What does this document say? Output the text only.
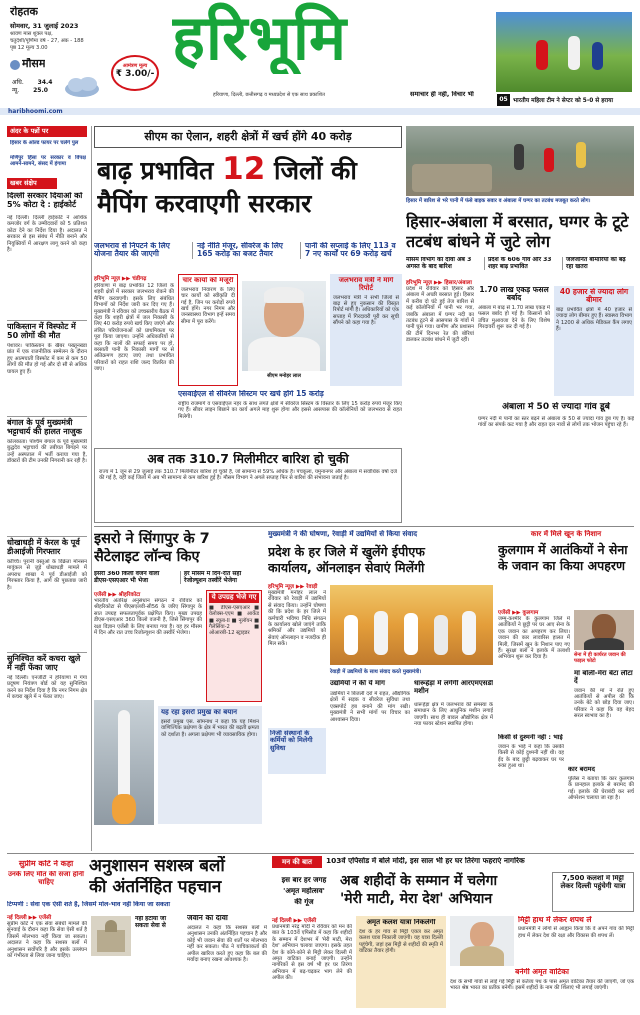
रोहतक
सोमवार, 31 जुलाई 2023
श्रावण मास शुक्ल पक्ष,
चतुर्दशी/पूर्णिमा वर्ष - 27, अंक - 188
पृष्ठ 12 मूल्य 3.00
मौसम
अधि. 34.4
न्यू. 25.0
आमंत्रण मूल्य
₹ 3.00/- हरिभूमि
हरियाणा, दिल्ली, छत्तीसगढ़ व मध्यप्रदेश से एक साथ प्रकाशित	समाचार ही नहीं, विचार भी
05 भारतीय महिला टीम ने सेप्टर को 5-0 से हराया
haribhoomi.com
अंदर के पन्नों पर
हिसार के ओल्ड फायर पर चलेंगे पुल
मणिपुर हिंसा पर सरकार व विपक्ष आमने-सामने, संसद में हंगामा
खबर संक्षेप
दिल्ली सरकार दियाओं को 5% कोटा दे : हाईकोर्ट
नई दिल्ली। दिल्ली हाईकोर्ट ने आर्थिक कमजोर वर्ग के उम्मीदवारों को 5 प्रतिशत कोटा देने का निर्देश दिया है। अदालत ने सरकार से इस संबंध में नीति बनाने और नियुक्तियों में आरक्षण लागू करने को कहा है।
पाकिस्तान में विस्फोट में 50 लोगों की मौत
पेशावर। पाकिस्तान के खैबर पख्तूनख्वा प्रांत में एक राजनीतिक सम्मेलन के दौरान हुए आत्मघाती विस्फोट में कम से कम 50 लोगों की मौत हो गई और दो सौ से अधिक घायल हुए हैं।
बंगाल के पूर्व मुख्यमंत्री भट्टाचार्य की हालत नाजुक
कोलकाता। पश्चिम बंगाल के पूर्व मुख्यमंत्री बुद्धदेव भट्टाचार्य की तबीयत बिगड़ने पर उन्हें अस्पताल में भर्ती कराया गया है, डॉक्टरों की टीम उनकी निगरानी कर रही है।
धोखाधड़ी में केरल के पूर्व डीआईजी गिरफ्तार
कोच्चि। पुरानी वस्तुओं के विक्रेता मोनसन मावुंकल से जुड़े धोखाधड़ी मामले में अपराध शाखा ने पूर्व डीआईजी को गिरफ्तार किया है, आगे की पूछताछ जारी है।
सुनिश्चित करें कचरा खुले में नहीं फेंका जाए
नई दिल्ली। एनजीटी ने हरियाणा में गंगा प्रदूषण नियंत्रण बोर्ड को यह सुनिश्चित करने का निर्देश दिया है कि नगर निगम क्षेत्र में कचरा खुले में न फेंका जाए।
सीएम का ऐलान, शहरी क्षेत्रों में खर्च होंगे 40 करोड़
बाढ़ प्रभावित 12 जिलों की
मैपिंग करवाएगी सरकार
जलभराव से निपटने के लिए योजना तैयार की जाएगी
नई नीति मंजूर, सीवरेज के लिए 165 करोड़ का बजट तैयार
पानी की सप्लाई के लिए 113 व 7 नए कार्यों पर 69 करोड़ खर्च
हरिभूमि न्यूज़ ▶▶ चंडीगढ़
हरियाणा में बाढ़ प्रभावित 12 जिलों के शहरी क्षेत्रों में सरकार जलभराव रोकने की मैपिंग करवाएगी। इसके लिए संबंधित विभागों को निर्देश जारी कर दिए गए हैं। मुख्यमंत्री ने रविवार को उच्चस्तरीय बैठक में कहा कि शहरी क्षेत्रों में जल निकासी के लिए 40 करोड़ रुपये खर्च किए जाएंगे और लंबित परियोजनाओं को प्राथमिकता पर पूरा किया जाएगा। उन्होंने अधिकारियों से कहा कि नालों की सफाई समय पर हो, बरसाती पानी के निकासी मार्गों पर से अतिक्रमण हटाए जाएं तथा प्रभावित परिवारों को राहत राशि जल्द वितरित की जाए।
चार कार्यो को मंजूरी
जलभराव निवारण के लिए चार कार्यों को स्वीकृति दी गई है, जिन पर करोड़ों रुपये खर्च होंगे। नगर निगम और जनस्वास्थ्य विभाग इन्हें समय सीमा में पूरा करेंगे।
जलभराव मंत्री ने मांगे रिपोर्ट
जलभराव मंत्री ने सभी जिलों से बाढ़ से हुए नुकसान की विस्तृत रिपोर्ट मांगी है। अधिकारियों को एक सप्ताह में गिरदावरी पूरी कर सूची सौंपने को कहा गया है।
सीएम मनोहर लाल
एसवाईएल से सीवरेज सिस्टम पर खर्च होंगे 15 करोड़
राष्ट्रीय राजमार्ग व एसवाईएल नहर के साथ लगते क्षेत्रों में सीवरेज सिस्टम के विस्तार के लिए 15 करोड़ रुपये मंजूर किए गए हैं। सीवर लाइन बिछाने का कार्य अगले माह शुरू होगा और इससे आसपास की कॉलोनियों को जलभराव से राहत मिलेगी।
अब तक 310.7 मिलीमीटर बारिश हो चुकी
राज्य में 1 जून से 29 जुलाई तक 310.7 मिलीमीटर बारिश हो चुकी है, जो सामान्य से 59% अधिक है। पंचकूला, यमुनानगर और अंबाला में सर्वाधिक वर्षा दर्ज की गई है, वहीं कई जिलों में अब भी सामान्य से कम बारिश हुई है। मौसम विभाग ने अगले सप्ताह फिर से बारिश की संभावना जताई है।
हिसार में बारिश से भरे पानी में फंसे बाइक सवार व अंबाला में घग्गर का तटबंध मजबूत करते लोग।
हिसार-अंबाला में बरसात, घग्गर के टूटे तटबंध बांधने में जुटे लोग
मौसम विभाग का दावा अब 3 अगस्त के बाद बारिश
प्रदेश के 606 गांव और 33 शहर बाढ़ प्रभावित
जलजनित बीमारियों का बढ़ रहा खतरा
हरिभूमि न्यूज़ ▶▶ हिसार/अंबाला
प्रदेश में रविवार को हिसार और अंबाला में अच्छी बरसात हुई। हिसार में करीब दो घंटे हुई तेज बारिश से कई कॉलोनियों में पानी भर गया, जबकि अंबाला में घग्गर नदी का तटबंध टूटने से आसपास के गांवों में पानी घुस गया। ग्रामीण और प्रशासन की टीमें दिनभर रेत की बोरियां डालकर तटबंध बांधने में जुटी रहीं।
1.70 लाख एकड़ फसल बर्बाद
अंबाला में बाढ़ से 1.70 लाख एकड़ में फसल बर्बाद हो गई है। किसानों को उचित मुआवजा देने के लिए विशेष गिरदावरी शुरू कर दी गई है।
40 हजार से ज्यादा लोग बीमार
बाढ़ प्रभावित क्षेत्रों में 40 हजार से ज्यादा लोग बीमार हुए हैं। स्वास्थ्य विभाग ने 1200 से अधिक मेडिकल कैंप लगाए हैं।
अंबाला में 50 से ज्यादा गांव डूबे
घग्गर नदी में पानी का स्तर बढ़ने से अंबाला के 50 से ज्यादा गांव डूब गए हैं। कई गांवों का संपर्क कट गया है और राहत दल नावों से लोगों तक भोजन पहुंचा रहे हैं।
इसरो ने सिंगापुर के 7
सैटेलाइट लॉन्च किए
इसरो 360 किलो वजन वाला डीएस-एसएआर भी भेजा
हर मौसम में दिन-रात सही रेजोल्यूशन तस्वीरें भेजेगा
एजेंसी ▶▶ श्रीहरिकोटा
भारतीय अंतरिक्ष अनुसंधान संगठन ने रविवार को श्रीहरिकोटा से पीएसएलवी-सी56 के जरिए सिंगापुर के सात उपग्रह सफलतापूर्वक प्रक्षेपित किए। मुख्य उपग्रह डीएस-एसएआर 360 किलो वजनी है, जिसे सिंगापुर की रक्षा विज्ञान एजेंसी के लिए बनाया गया है। यह हर मौसम में दिन और रात उच्च रिजोल्यूशन की तस्वीरें भेजेगा।
ये उपग्रह भेजे गए
■ डीएस-एसएआर ■ वेलोक्स-एएम ■ आर्केड ■ स्कूब-II ■ नूलॉयन ■ गैलेसिया-2 ■ ओआरबी-12 स्ट्राइडर
यह रहा इसरो प्रमुख का बयान
इसरो प्रमुख एस. सोमनाथ ने कहा कि यह मिशन वाणिज्यिक प्रक्षेपण के क्षेत्र में भारत की बढ़ती क्षमता को दर्शाता है। अगला प्रक्षेपण भी व्यावसायिक होगा।
मुख्यमंत्री ने की घोषणा, रेवाड़ी में उद्यमियों से किया संवाद
प्रदेश के हर जिले में खुलेंगे ईपीएफ
कार्यालय, ऑनलाइन सेवाएं मिलेंगी
हरिभूमि न्यूज़ ▶▶ रेवाड़ी
मुख्यमंत्री मनोहर लाल ने रविवार को रेवाड़ी में उद्यमियों से संवाद किया। उन्होंने घोषणा की कि प्रदेश के हर जिले में कर्मचारी भविष्य निधि संगठन के कार्यालय खोले जाएंगे ताकि श्रमिकों और उद्यमियों को सेवाएं ऑनलाइन व नजदीक ही मिल सकें।
निजी संस्थानों के कर्मियों को मिलेगी सुविधा
रेवाड़ी में उद्यमियों के साथ संवाद करते मुख्यमंत्री।
उद्यमियों ने की ये मांग
उद्यमियों ने बिजली दरों में राहत, औद्योगिक क्षेत्रों में सड़क व सीवरेज सुविधा तथा एक्सपोर्ट हब बनाने की मांग रखी। मुख्यमंत्री ने सभी मांगों पर विचार का आश्वासन दिया।
धारूहेड़ा में लगेगी आरएमएसडी मशीन
धारूहेड़ा क्षेत्र में जलभराव की समस्या के समाधान के लिए आधुनिक मशीन लगाई जाएगी। साथ ही बावल औद्योगिक क्षेत्र में नया फायर स्टेशन स्थापित होगा।
कार में मिले खून के निशान
कुलगाम में आतंकियों ने सेना के जवान का किया अपहरण
एजेंसी ▶▶ कुलगाम
जम्मू-कश्मीर के कुलगाम जिले में आतंकियों ने छुट्टी पर घर आए सेना के एक जवान का अपहरण कर लिया। जवान की कार लावारिस हालत में मिली, जिसमें खून के निशान पाए गए हैं। सुरक्षा बलों ने इलाके में तलाशी अभियान शुरू कर दिया है।	सेना में ही कार्यरत जवान की फाइल फोटो
मां बोली-मेरा बेटा लौटा दें
जवान की मां ने रोते हुए आतंकियों से अपील की कि उनके बेटे को छोड़ दिया जाए। परिवार ने कहा कि वह बेहद सरल स्वभाव का है।
किसी से दुश्मनी नहीं : भाई
जवान के भाई ने कहा कि उसकी किसी से कोई दुश्मनी नहीं थी। वह ईद के बाद छुट्टी बढ़वाकर घर पर रुका हुआ था।	कार बरामद
पुलिस ने बताया कि कार कुलगाम के प्रानहाल इलाके से बरामद की गई। इलाके की घेराबंदी कर सर्च ऑपरेशन चलाया जा रहा है।
सुप्रीम कोर्ट ने कहा
उनके लिए मौत की सजा होनी चाहिए
अनुशासन सशस्त्र बलों
की अंतर्निहित पहचान
टिप्पणी : सेवा एक ऐसी शर्त है, जिसमें मोल-भाव नहीं किया जा सकता
नई दिल्ली ▶▶ एजेंसी
सुप्रीम कोर्ट ने एक सेवा संबंधी मामले की सुनवाई के दौरान कहा कि सेवा ऐसी शर्त है जिसमें मोलभाव नहीं किया जा सकता। अदालत ने कहा कि सशस्त्र बलों में अनुशासन सर्वोपरि है और इसके उल्लंघन को गंभीरता से लिया जाना चाहिए।
नहीं हटाया जा सकता सेवा से
जवान का दावा
अदालत ने कहा कि सशस्त्र बलों में अनुशासन उनकी अंतर्निहित पहचान है और कोई भी जवान सेवा की शर्तों पर मोलभाव नहीं कर सकता। पीठ ने याचिकाकर्ता की अपील खारिज करते हुए कहा कि बल की मर्यादा बनाए रखना आवश्यक है।
मन की बात	103वें एपिसोड में बोले मोदी, इस साल भी हर घर तिरंगा फहराएं नागरिक
इस बार हर जगह
'अमृत महोत्सव'
की गूंज
अब शहीदों के सम्मान में चलेगा
'मेरी माटी, मेरा देश' अभियान
7,500 कलशों में मिट्टी लेकर दिल्ली पहुंचेगी यात्रा
नई दिल्ली ▶▶ एजेंसी
प्रधानमंत्री नरेंद्र मोदी ने रविवार को मन की बात के 103वें एपिसोड में कहा कि शहीदों के सम्मान में देशभर में 'मेरी माटी, मेरा देश' अभियान चलाया जाएगा। इसके तहत देश के कोने-कोने से मिट्टी लेकर दिल्ली में अमृत वाटिका बनाई जाएगी। उन्होंने नागरिकों से इस वर्ष भी हर घर तिरंगा अभियान में बढ़-चढ़कर भाग लेने की अपील की।
अमृत कलश यात्रा निकलेगी
देश के हर गांव से मिट्टी एकत्र कर अमृत कलश यात्रा निकाली जाएगी। यह यात्रा दिल्ली पहुंचेगी, जहां इस मिट्टी से शहीदों की स्मृति में वाटिका तैयार होगी।
मिट्टी हाथ में लेकर शपथ लें
प्रधानमंत्री ने लोगों से आह्वान किया कि वे अपने गांव की मिट्टी हाथ में लेकर देश की रक्षा और विकास की शपथ लें।
बनेगी अमृत वाटिका
देश के सभी गांवों से लाई गई मिट्टी से कर्तव्य पथ के पास अमृत वाटिका तैयार की जाएगी, जो एक भारत श्रेष्ठ भारत का प्रतीक बनेगी। इसमें शहीदों के नाम की शिलाएं भी लगाई जाएंगी।
